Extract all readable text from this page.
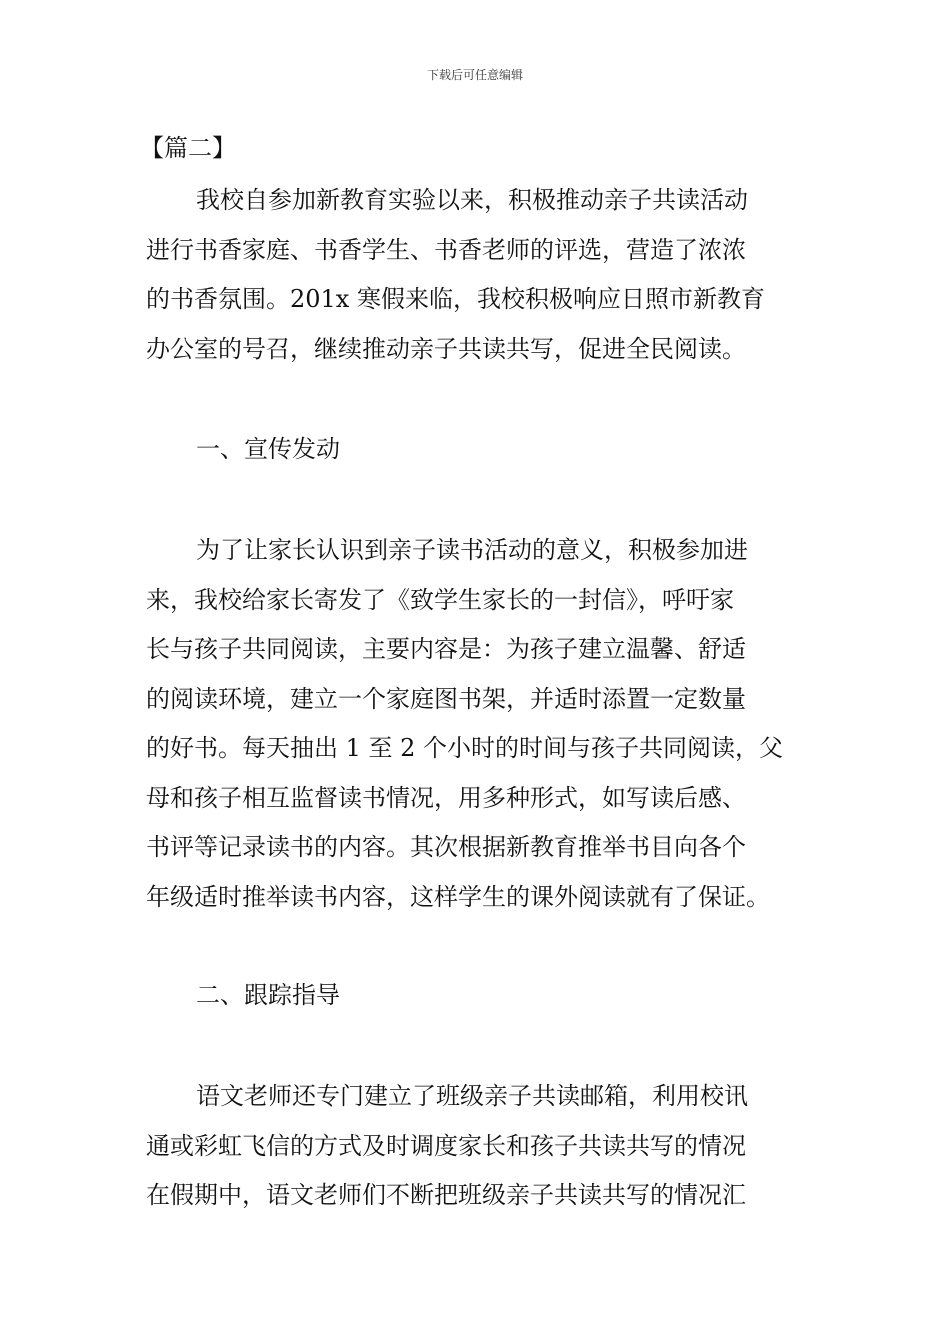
下载后可任意编辑
【篇二】
我校自参加新教育实验以来，积极推动亲子共读活动
进行书香家庭、书香学生、书香老师的评选，营造了浓浓
的书香氛围。201x 寒假来临，我校积极响应日照市新教育
办公室的号召，继续推动亲子共读共写，促进全民阅读。
一、宣传发动
为了让家长认识到亲子读书活动的意义，积极参加进
来，我校给家长寄发了《致学生家长的一封信》，呼吁家
长与孩子共同阅读，主要内容是：为孩子建立温馨、舒适
的阅读环境，建立一个家庭图书架，并适时添置一定数量
的好书。每天抽出 1 至 2 个小时的时间与孩子共同阅读，父
母和孩子相互监督读书情况，用多种形式，如写读后感、
书评等记录读书的内容。其次根据新教育推举书目向各个
年级适时推举读书内容，这样学生的课外阅读就有了保证。
二、跟踪指导
语文老师还专门建立了班级亲子共读邮箱，利用校讯
通或彩虹飞信的方式及时调度家长和孩子共读共写的情况
在假期中，语文老师们不断把班级亲子共读共写的情况汇
